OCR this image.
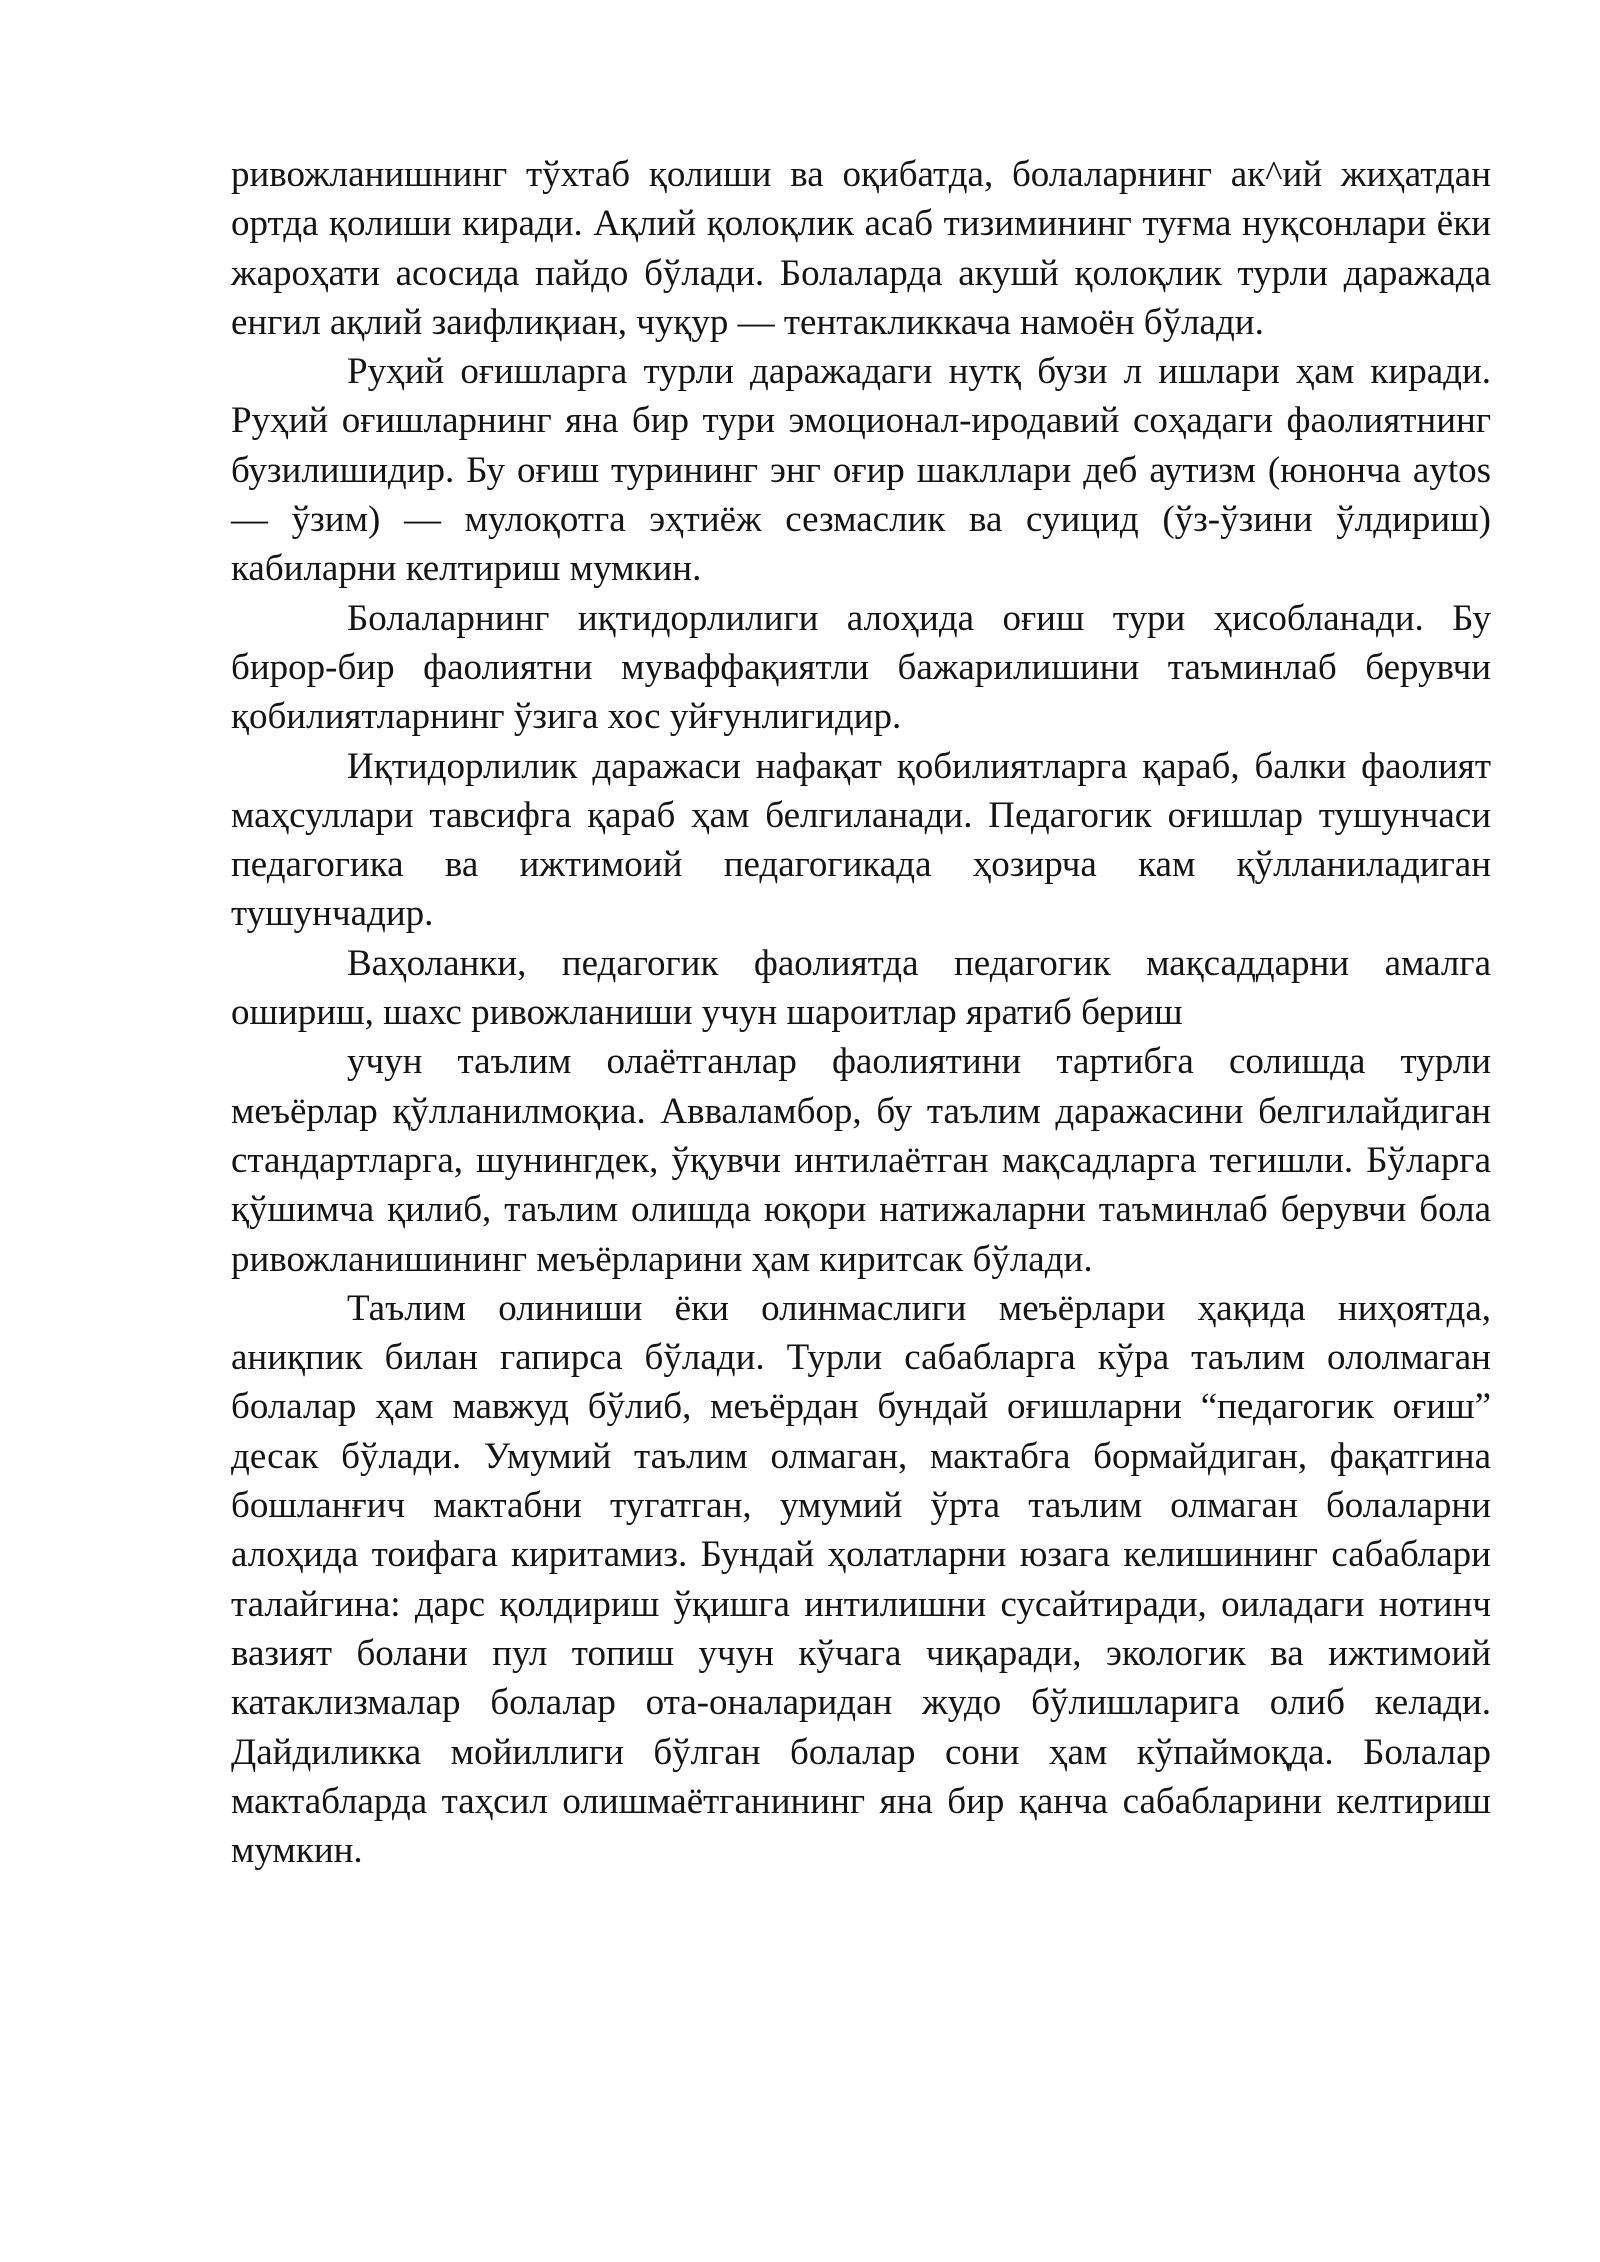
ривожланишнинг тўхтаб қолиши ва оқибатда, болаларнинг ак^ий жиҳатдан ортда қолиши киради. Ақлий қолоқлик асаб тизимининг туғма нуқсонлари ёки жароҳати асосида пайдо бўлади. Болаларда акушй қолоқлик турли даражада енгил ақлий заифлиқиан, чуқур — тентакликкача намоён бўлади.

Руҳий оғишларга турли даражадаги нутқ бузи л ишлари ҳам киради. Руҳий оғишларнинг яна бир тури эмоционал-иродавий соҳадаги фаолиятнинг бузилишидир. Бу оғиш турининг энг оғир шакллари деб аутизм (юнонча aytos — ўзим) — мулоқотга эҳтиёж сезмаслик ва суицид (ўз-ўзини ўлдириш) кабиларни келтириш мумкин.

Болаларнинг иқтидорлилиги алоҳида оғиш тури ҳисобланади. Бу бирор-бир фаолиятни муваффақиятли бажарилишини таъминлаб берувчи қобилиятларнинг ўзига хос уйғунлигидир.

Иқтидорлилик даражаси нафақат қобилиятларга қараб, балки фаолият маҳсуллари тавсифга қараб ҳам белгиланади. Педагогик оғишлар тушунчаси педагогика ва ижтимоий педагогикада ҳозирча кам қўлланиладиган тушунчадир.

Ваҳоланки, педагогик фаолиятда педагогик мақсаддарни амалга ошириш, шахс ривожланиши учун шароитлар яратиб бериш

учун таълим олаётганлар фаолиятини тартибга солишда турли меъёрлар қўлланилмоқиа. Авваламбор, бу таълим даражасини белгилайдиган стандартларга, шунингдек, ўқувчи интилаётган мақсадларга тегишли. Бўларга қўшимча қилиб, таълим олишда юқори натижаларни таъминлаб берувчи бола ривожланишининг меъёрларини ҳам киритсак бўлади.

Таълим олиниши ёки олинмаслиги меъёрлари ҳақида ниҳоятда, аниқпик билан гапирса бўлади. Турли сабабларга кўра таълим ололмаган болалар ҳам мавжуд бўлиб, меъёрдан бундай оғишларни “педагогик оғиш” десак бўлади. Умумий таълим олмаган, мактабга бормайдиган, фақатгина бошланғич мактабни тугатган, умумий ўрта таълим олмаган болаларни алоҳида тоифага киритамиз. Бундай ҳолатларни юзага келишининг сабаблари талайгина: дарс қолдириш ўқишга интилишни сусайтиради, оиладаги нотинч вазият болани пул топиш учун кўчага чиқаради, экологик ва ижтимоий катаклизмалар болалар ота-оналаридан жудо бўлишларига олиб келади. Дайдиликка мойиллиги бўлган болалар сони ҳам кўпаймоқда. Болалар мактабларда таҳсил олишмаётганининг яна бир қанча сабабларини келтириш мумкин.
